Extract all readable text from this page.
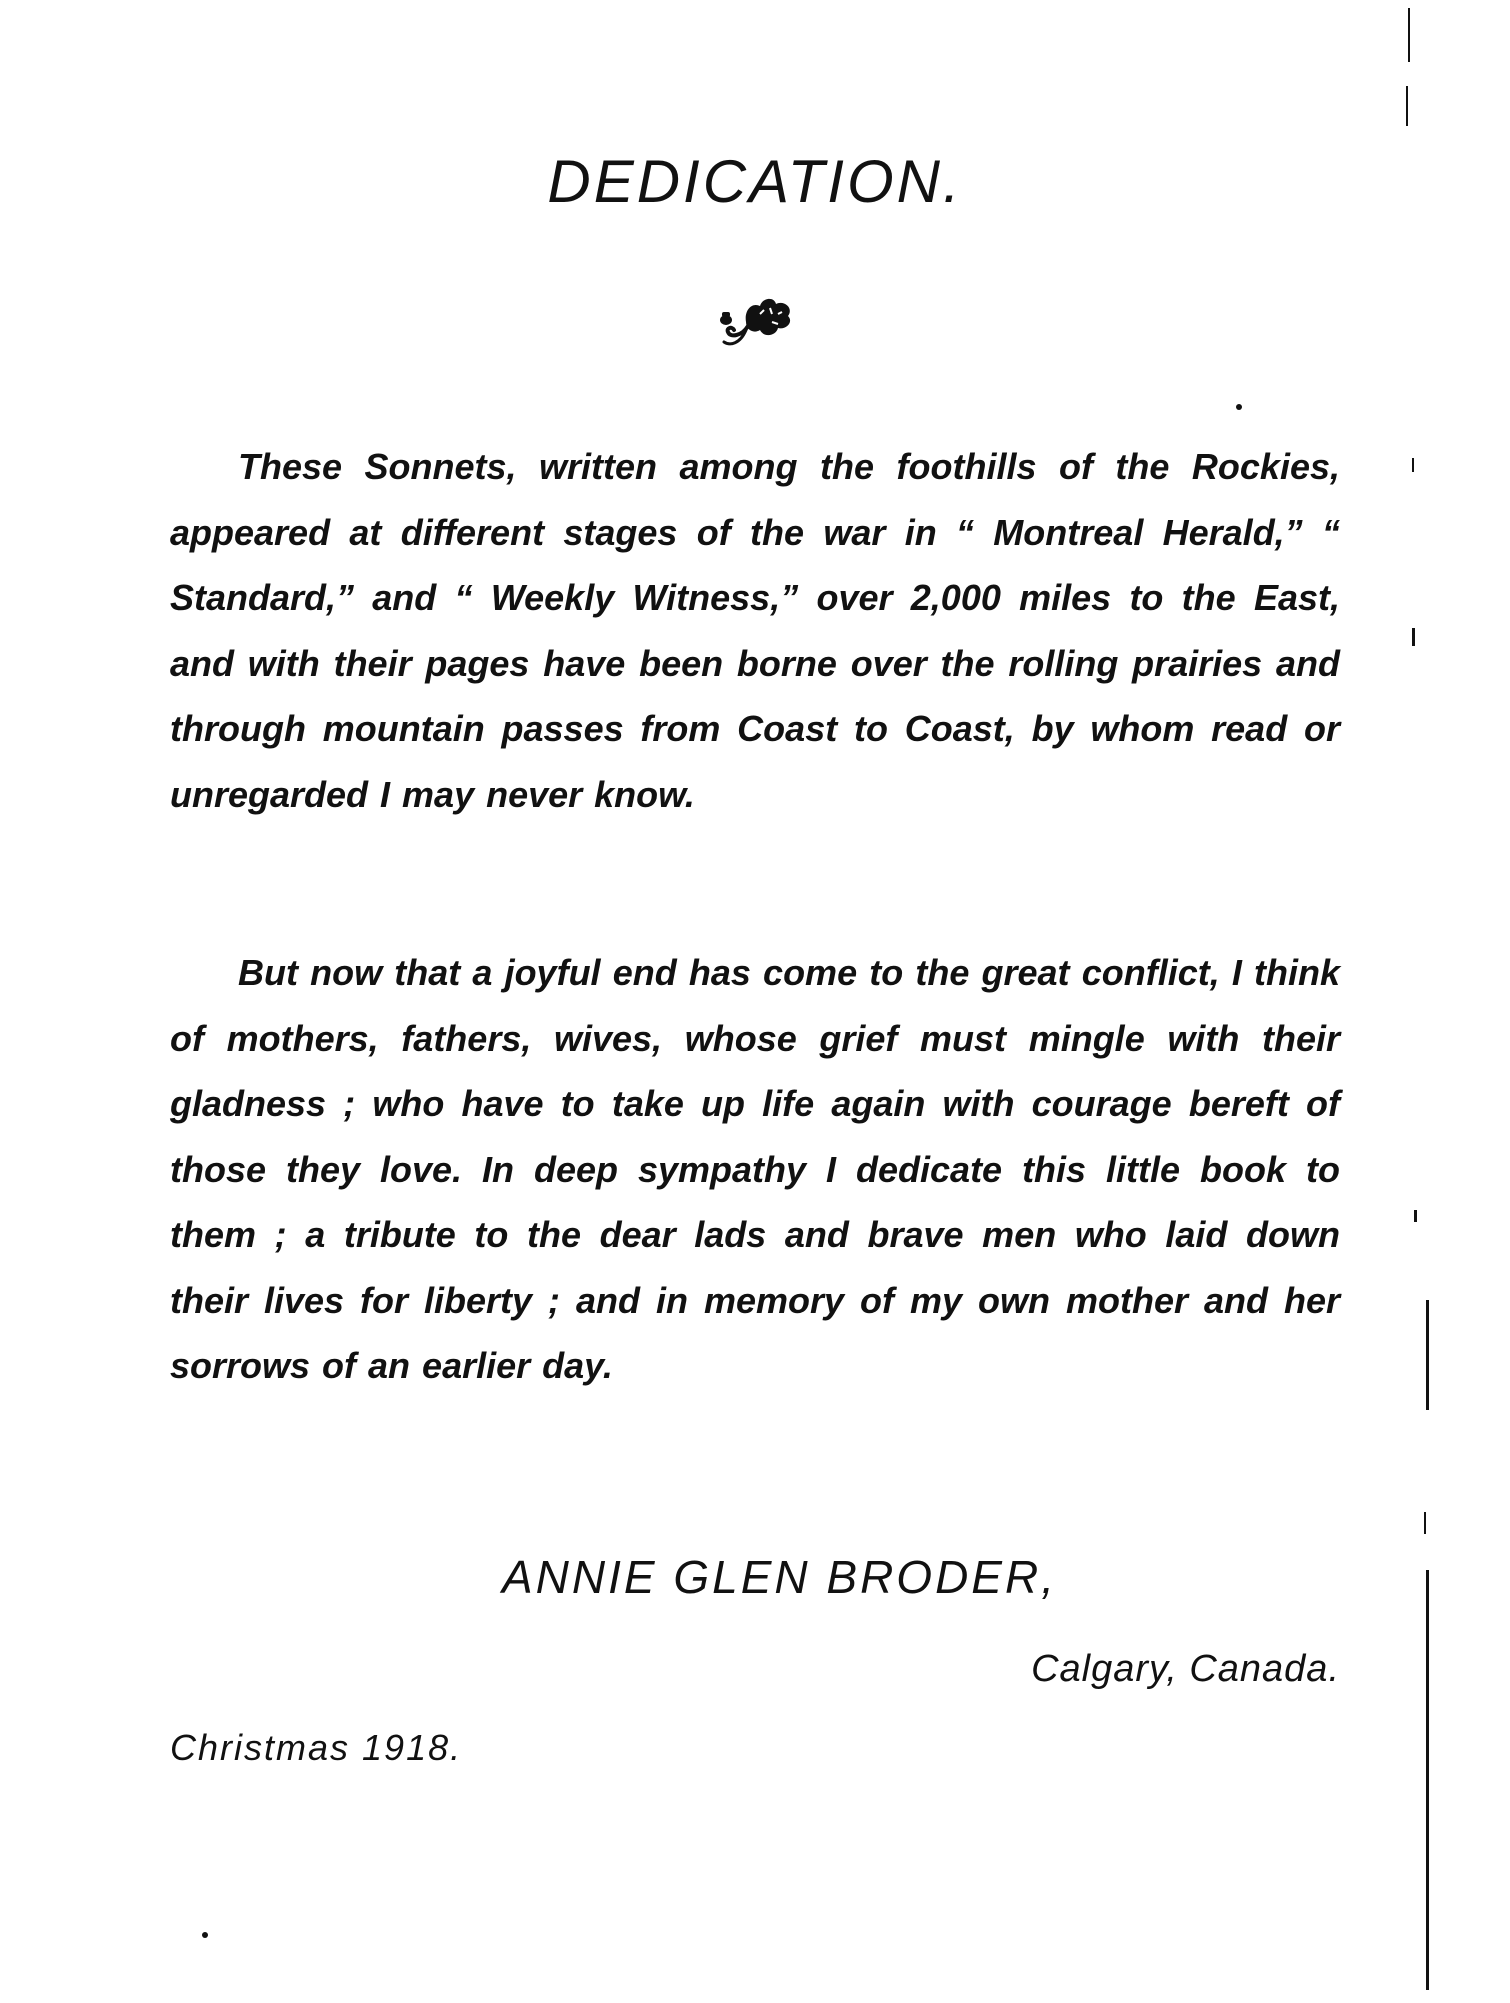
DEDICATION.

These Sonnets, written among the foothills of the Rockies, appeared at different stages of the war in “ Montreal Herald,” “ Standard,” and “ Weekly Witness,” over 2,000 miles to the East, and with their pages have been borne over the rolling prairies and through mountain passes from Coast to Coast, by whom read or unregarded I may never know.

But now that a joyful end has come to the great conflict, I think of mothers, fathers, wives, whose grief must mingle with their gladness ; who have to take up life again with courage bereft of those they love. In deep sympathy I dedicate this little book to them ; a tribute to the dear lads and brave men who laid down their lives for liberty ; and in memory of my own mother and her sorrows of an earlier day.

ANNIE GLEN BRODER,
Calgary, Canada.
Christmas 1918.
